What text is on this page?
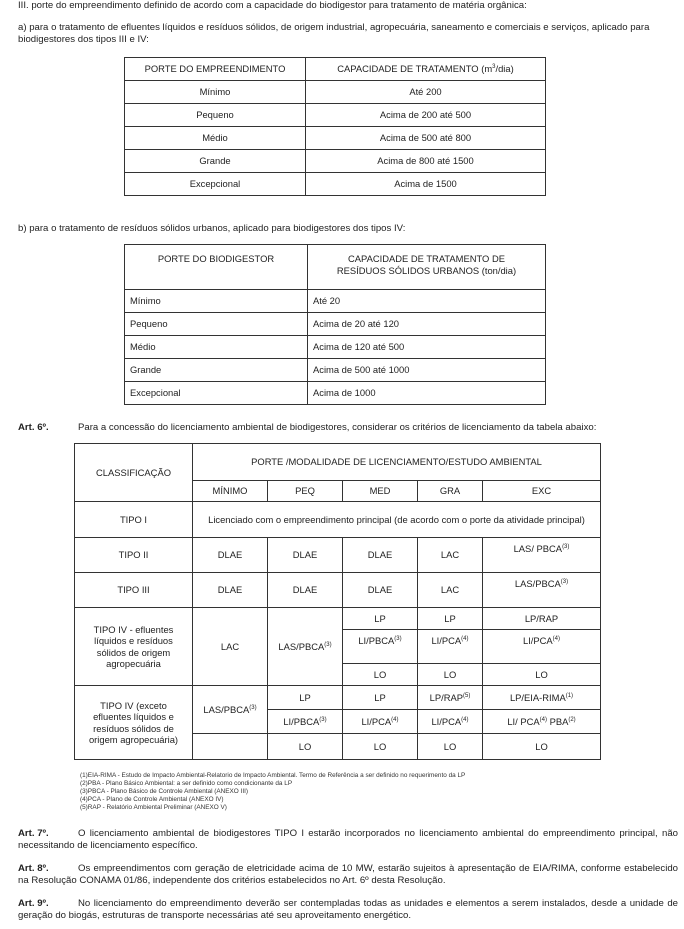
III. porte do empreendimento definido de acordo com a capacidade do biodigestor para tratamento de matéria orgânica:

a) para o tratamento de efluentes líquidos e resíduos sólidos, de origem industrial, agropecuária, saneamento e comerciais e serviços, aplicado para biodigestores dos tipos III e IV:

PORTE DO EMPREENDIMENTO	CAPACIDADE DE TRATAMENTO $(m^3/dia)$
Mínimo	Até 200
Pequeno	Acima de 200 até 500
Médio	Acima de 500 até 800
Grande	Acima de 800 até 1500
Excepcional	Acima de 1500

b) para o tratamento de resíduos sólidos urbanos, aplicado para biodigestores dos tipos IV:

PORTE DO BIODIGESTOR	CAPACIDADE DE TRATAMENTO DE
RESÍDUOS SÓLIDOS URBANOS (ton/dia)
Mínimo	Até 20
Pequeno	Acima de 20 até 120
Médio	Acima de 120 até 500
Grande	Acima de 500 até 1000
Excepcional	Acima de 1000
Art. 6º.	Para a concessão do licenciamento ambiental de biodigestores, considerar os critérios de licenciamento da tabela abaixo:
CLASSIFICAÇÃO	PORTE /MODALIDADE DE LICENCIAMENTO/ESTUDO AMBIENTAL				
	MÍNIMO	PEQ	MED	GRA	EXC
TIPO I	Licenciado com o empreendimento principal (de acordo com o porte da atividade principal)				
TIPO II	DLAE	DLAE	DLAE	LAC	LAS/ PBCA$^{(3)}$
TIPO III	DLAE	DLAE	DLAE	LAC	LAS/PBCA$^{(3)}$
TIPO IV - efluentes líquidos e resíduos sólidos de origem agropecuária	LAC	LAS/PBCA$^{(3)}$	LP	LP	LP/RAP
			LI/PBCA$^{(3)}$	LI/PCA$^{(4)}$	LI/PCA$^{(4)}$
			LO	LO	LO
TIPO IV (exceto efluentes líquidos e resíduos sólidos de origem agropecuária)	LAS/PBCA$^{(3)}$	LP	LP	LP/RAP$^{(5)}$	LP/EIA-RIMA$^{(1)}$
		LI/PBCA$^{(3)}$	LI/PCA$^{(4)}$	LI/PCA$^{(4)}$	LI/ PCA$^{(4)}$ PBA$^{(2)}$
		LO	LO	LO	LO
(1)EIA-RIMA - Estudo de Impacto Ambiental-Relatorio de Impacto Ambiental. Termo de Referência a ser definido no requerimento da LP
(2)PBA - Plano Básico Ambiental: a ser definido como condicionante da LP
(3)PBCA - Plano Básico de Controle Ambiental (ANEXO III)
(4)PCA - Plano de Controle Ambiental (ANEXO IV)
(5)RAP - Relatório Ambiental Preliminar (ANEXO V)

Art. 7º.	O licenciamento ambiental de biodigestores TIPO I estarão incorporados no licenciamento ambiental do empreendimento principal, não necessitando de licenciamento específico.

Art. 8º.	Os empreendimentos com geração de eletricidade acima de 10 MW, estarão sujeitos à apresentação de EIA/RIMA, conforme estabelecido na Resolução CONAMA 01/86, independente dos critérios estabelecidos no Art. 6º desta Resolução.

Art. 9º.	No licenciamento do empreendimento deverão ser contempladas todas as unidades e elementos a serem instalados, desde a unidade de geração do biogás, estruturas de transporte necessárias até seu aproveitamento energético.
